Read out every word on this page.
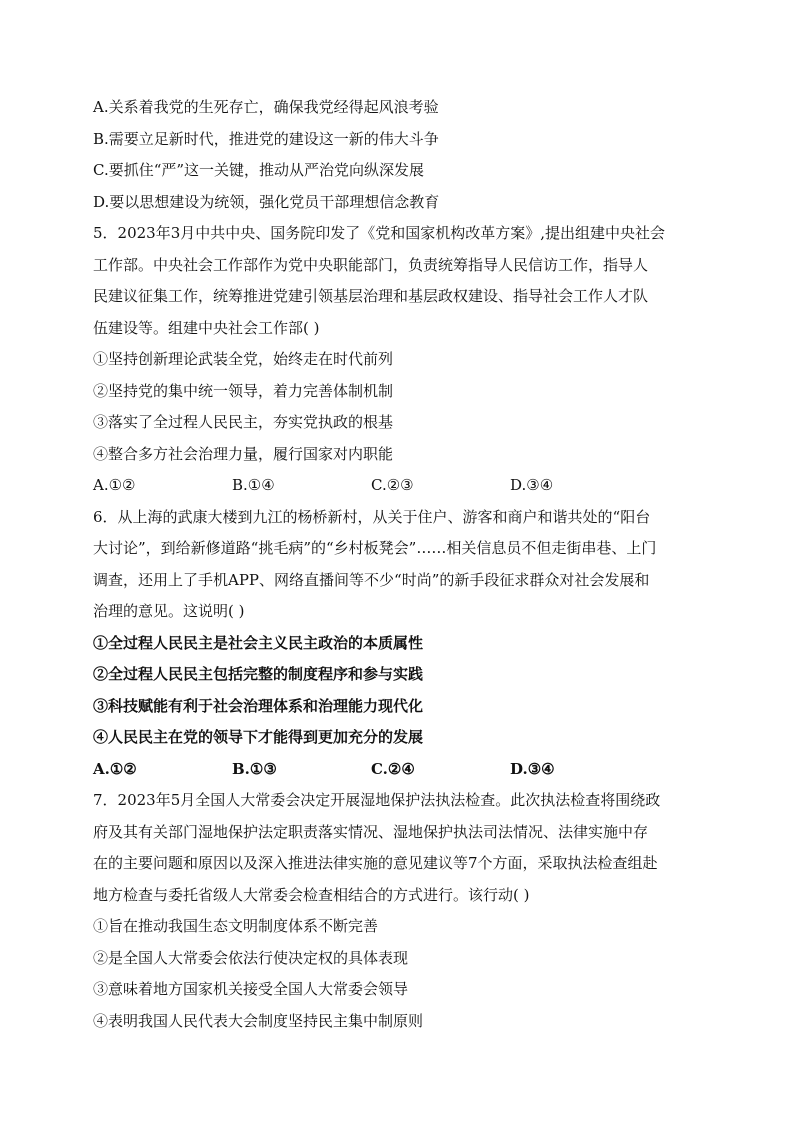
A.关系着我党的生死存亡，确保我党经得起风浪考验
B.需要立足新时代，推进党的建设这一新的伟大斗争
C.要抓住“严”这一关键，推动从严治党向纵深发展
D.要以思想建设为统领，强化党员干部理想信念教育
5．2023年3月中共中央、国务院印发了《党和国家机构改革方案》,提出组建中央社会
工作部。中央社会工作部作为党中央职能部门，负责统筹指导人民信访工作，指导人
民建议征集工作，统筹推进党建引领基层治理和基层政权建设、指导社会工作人才队
伍建设等。组建中央社会工作部( )
①坚持创新理论武装全党，始终走在时代前列
②坚持党的集中统一领导，着力完善体制机制
③落实了全过程人民民主，夯实党执政的根基
④整合多方社会治理力量，履行国家对内职能
A.①②	B.①④	C.②③	D.③④
6．从上海的武康大楼到九江的杨桥新村，从关于住户、游客和商户和谐共处的“阳台
大讨论”，到给新修道路“挑毛病”的“乡村板凳会”……相关信息员不但走街串巷、上门
调查，还用上了手机APP、网络直播间等不少“时尚”的新手段征求群众对社会发展和
治理的意见。这说明( )
①全过程人民民主是社会主义民主政治的本质属性
②全过程人民民主包括完整的制度程序和参与实践
③科技赋能有利于社会治理体系和治理能力现代化
④人民民主在党的领导下才能得到更加充分的发展
A.①②	B.①③	C.②④	D.③④
7．2023年5月全国人大常委会决定开展湿地保护法执法检查。此次执法检查将围绕政
府及其有关部门湿地保护法定职责落实情况、湿地保护执法司法情况、法律实施中存
在的主要问题和原因以及深入推进法律实施的意见建议等7个方面，采取执法检查组赴
地方检查与委托省级人大常委会检查相结合的方式进行。该行动( )
①旨在推动我国生态文明制度体系不断完善
②是全国人大常委会依法行使决定权的具体表现
③意味着地方国家机关接受全国人大常委会领导
④表明我国人民代表大会制度坚持民主集中制原则
